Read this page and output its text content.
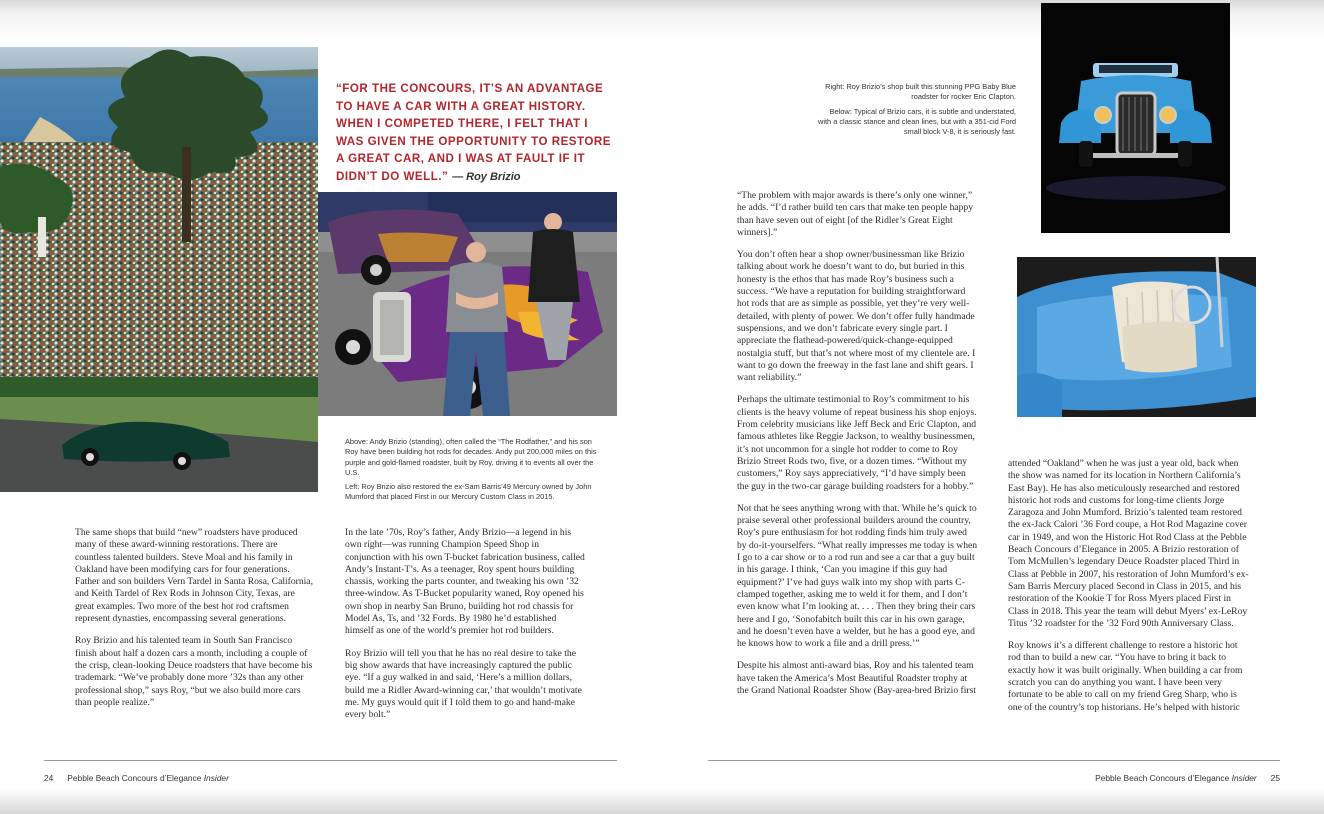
“FOR THE CONCOURS, IT’S AN ADVANTAGE TO HAVE A CAR WITH A GREAT HISTORY. WHEN I COMPETED THERE, I FELT THAT I WAS GIVEN THE OPPORTUNITY TO RESTORE A GREAT CAR, AND I WAS AT FAULT IF IT DIDN’T DO WELL.” — Roy Brizio

Above: Andy Brizio (standing), often called the “The Rodfather,” and his son Roy have been building hot rods for decades. Andy put 200,000 miles on this purple and gold-flamed roadster, built by Roy, driving it to events all over the U.S.

Left: Roy Brizio also restored the ex-Sam Barris’49 Mercury owned by John Mumford that placed First in our Mercury Custom Class in 2015.

The same shops that build “new” roadsters have produced many of these award-winning restorations. There are countless talented builders. Steve Moal and his family in Oakland have been modifying cars for four generations. Father and son builders Vern Tardel in Santa Rosa, California, and Keith Tardel of Rex Rods in Johnson City, Texas, are great examples. Two more of the best hot rod craftsmen represent dynasties, encompassing several generations.

Roy Brizio and his talented team in South San Francisco finish about half a dozen cars a month, including a couple of the crisp, clean-looking Deuce roadsters that have become his trademark. “We’ve probably done more ’32s than any other professional shop,” says Roy, “but we also build more cars than people realize.”

In the late ’70s, Roy’s father, Andy Brizio—a legend in his own right—was running Champion Speed Shop in conjunction with his own T-bucket fabrication business, called Andy’s Instant-T’s. As a teenager, Roy spent hours building chassis, working the parts counter, and tweaking his own ’32 three-window. As T-Bucket popularity waned, Roy opened his own shop in nearby San Bruno, building hot rod chassis for Model As, Ts, and ’32 Fords. By 1980 he’d established himself as one of the world’s premier hot rod builders.

Roy Brizio will tell you that he has no real desire to take the big show awards that have increasingly captured the public eye. “If a guy walked in and said, ‘Here’s a million dollars, build me a Ridler Award-winning car,’ that wouldn’t motivate me. My guys would quit if I told them to go and hand-make every bolt.”

Right: Roy Brizio’s shop built this stunning PPG Baby Blue roadster for rocker Eric Clapton.

Below: Typical of Brizio cars, it is subtle and understated, with a classic stance and clean lines, but with a 351-cid Ford small block V-8, it is seriously fast.

“The problem with major awards is there’s only one winner,” he adds. “I’d rather build ten cars that make ten people happy than have seven out of eight [of the Ridler’s Great Eight winners].”

You don’t often hear a shop owner/businessman like Brizio talking about work he doesn’t want to do, but buried in this honesty is the ethos that has made Roy’s business such a success. “We have a reputation for building straightforward hot rods that are as simple as possible, yet they’re very well-detailed, with plenty of power. We don’t offer fully handmade suspensions, and we don’t fabricate every single part. I appreciate the flathead-powered/quick-change-equipped nostalgia stuff, but that’s not where most of my clientele are. I want to go down the freeway in the fast lane and shift gears. I want reliability.”

Perhaps the ultimate testimonial to Roy’s commitment to his clients is the heavy volume of repeat business his shop enjoys. From celebrity musicians like Jeff Beck and Eric Clapton, and famous athletes like Reggie Jackson, to wealthy businessmen, it’s not uncommon for a single hot rodder to come to Roy Brizio Street Rods two, five, or a dozen times. “Without my customers,” Roy says appreciatively, “I’d have simply been the guy in the two-car garage building roadsters for a hobby.”

Not that he sees anything wrong with that. While he’s quick to praise several other professional builders around the country, Roy’s pure enthusiasm for hot rodding finds him truly awed by do-it-yourselfers. “What really impresses me today is when I go to a car show or to a rod run and see a car that a guy built in his garage. I think, ‘Can you imagine if this guy had equipment?’ I’ve had guys walk into my shop with parts C-clamped together, asking me to weld it for them, and I don’t even know what I’m looking at. . . . Then they bring their cars here and I go, ‘Sonofabitch built this car in his own garage, and he doesn’t even have a welder, but he has a good eye, and he knows how to work a file and a drill press.’”

Despite his almost anti-award bias, Roy and his talented team have taken the America’s Most Beautiful Roadster trophy at the Grand National Roadster Show (Bay-area-bred Brizio first

attended “Oakland” when he was just a year old, back when the show was named for its location in Northern California’s East Bay). He has also meticulously researched and restored historic hot rods and customs for long-time clients Jorge Zaragoza and John Mumford. Brizio’s talented team restored the ex-Jack Calori ’36 Ford coupe, a Hot Rod Magazine cover car in 1949, and won the Historic Hot Rod Class at the Pebble Beach Concours d’Elegance in 2005. A Brizio restoration of Tom McMullen’s legendary Deuce Roadster placed Third in Class at Pebble in 2007, his restoration of John Mumford’s ex-Sam Barris Mercury placed Second in Class in 2015, and his restoration of the Kookie T for Ross Myers placed First in Class in 2018. This year the team will debut Myers’ ex-LeRoy Titus ’32 roadster for the ’32 Ford 90th Anniversary Class.

Roy knows it’s a different challenge to restore a historic hot rod than to build a new car. “You have to bring it back to exactly how it was built originally. When building a car from scratch you can do anything you want. I have been very fortunate to be able to call on my friend Greg Sharp, who is one of the country’s top historians. He’s helped with historic

24 Pebble Beach Concours d’Elegance Insider	Pebble Beach Concours d’Elegance Insider 25
